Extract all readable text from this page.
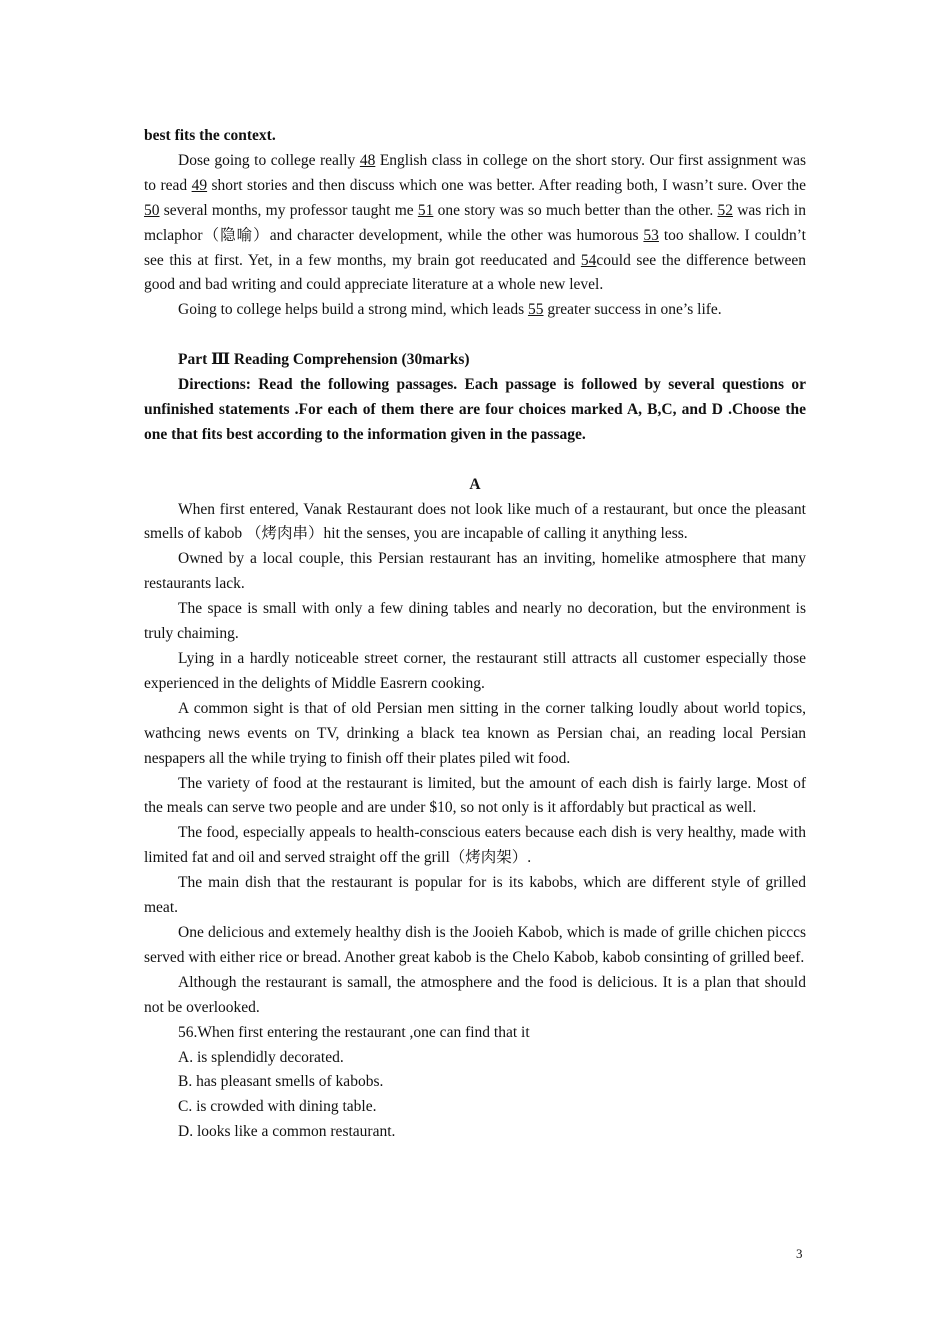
best fits the context.

Dose going to college really 48 English class in college on the short story. Our first assignment was to read 49 short stories and then discuss which one was better. After reading both, I wasn’t sure. Over the 50 several months, my professor taught me 51 one story was so much better than the other. 52 was rich in mclaphor（隐喻）and character development, while the other was humorous 53 too shallow. I couldn’t see this at first. Yet, in a few months, my brain got reeducated and 54could see the difference between good and bad writing and could appreciate literature at a whole new level.

Going to college helps build a strong mind, which leads 55 greater success in one’s life.

Part Ⅲ Reading Comprehension (30marks)

Directions: Read the following passages. Each passage is followed by several questions or unfinished statements .For each of them there are four choices marked A, B,C, and D .Choose the one that fits best according to the information given in the passage.

A

When first entered, Vanak Restaurant does not look like much of a restaurant, but once the pleasant smells of kabob （烤肉串）hit the senses, you are incapable of calling it anything less.

Owned by a local couple, this Persian restaurant has an inviting, homelike atmosphere that many restaurants lack.

The space is small with only a few dining tables and nearly no decoration, but the environment is truly chaiming.

Lying in a hardly noticeable street corner, the restaurant still attracts all customer especially those experienced in the delights of Middle Easrern cooking.

A common sight is that of old Persian men sitting in the corner talking loudly about world topics, wathcing news events on TV, drinking a black tea known as Persian chai, an reading local Persian nespapers all the while trying to finish off their plates piled wit food.

The variety of food at the restaurant is limited, but the amount of each dish is fairly large. Most of the meals can serve two people and are under $10, so not only is it affordably but practical as well.

The food, especially appeals to health-conscious eaters because each dish is very healthy, made with limited fat and oil and served straight off the grill（烤肉架）.

The main dish that the restaurant is popular for is its kabobs, which are different style of grilled meat.

One delicious and extemely healthy dish is the Jooieh Kabob, which is made of grille chichen picccs served with either rice or bread. Another great kabob is the Chelo Kabob, kabob consinting of grilled beef.

Although the restaurant is samall, the atmosphere and the food is delicious. It is a plan that should not be overlooked.

56.When first entering the restaurant ,one can find that it

A. is splendidly decorated.

B. has pleasant smells of kabobs.

C. is crowded with dining table.

D. looks like a common restaurant.

3
